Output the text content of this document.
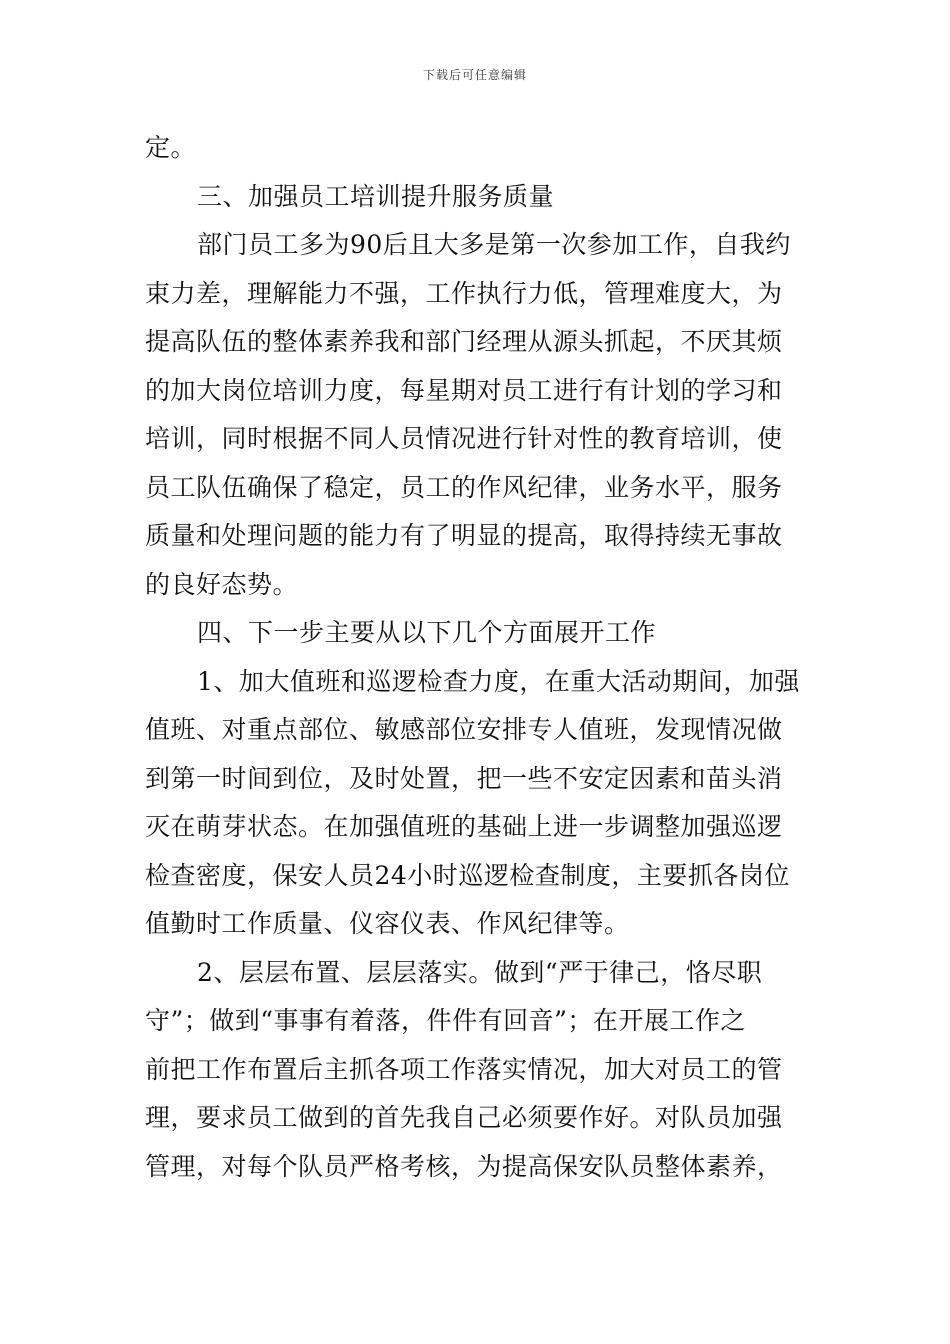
下载后可任意编辑
定。
三、加强员工培训提升服务质量
部门员工多为90后且大多是第一次参加工作，自我约
束力差，理解能力不强，工作执行力低，管理难度大，为
提高队伍的整体素养我和部门经理从源头抓起，不厌其烦
的加大岗位培训力度，每星期对员工进行有计划的学习和
培训，同时根据不同人员情况进行针对性的教育培训，使
员工队伍确保了稳定，员工的作风纪律，业务水平，服务
质量和处理问题的能力有了明显的提高，取得持续无事故
的良好态势。
四、下一步主要从以下几个方面展开工作
1、加大值班和巡逻检查力度，在重大活动期间，加强
值班、对重点部位、敏感部位安排专人值班，发现情况做
到第一时间到位，及时处置，把一些不安定因素和苗头消
灭在萌芽状态。在加强值班的基础上进一步调整加强巡逻
检查密度，保安人员24小时巡逻检查制度，主要抓各岗位
值勤时工作质量、仪容仪表、作风纪律等。
2、层层布置、层层落实。做到“严于律己，恪尽职
守”；做到“事事有着落，件件有回音”；在开展工作之
前把工作布置后主抓各项工作落实情况，加大对员工的管
理，要求员工做到的首先我自己必须要作好。对队员加强
管理，对每个队员严格考核，为提高保安队员整体素养，
